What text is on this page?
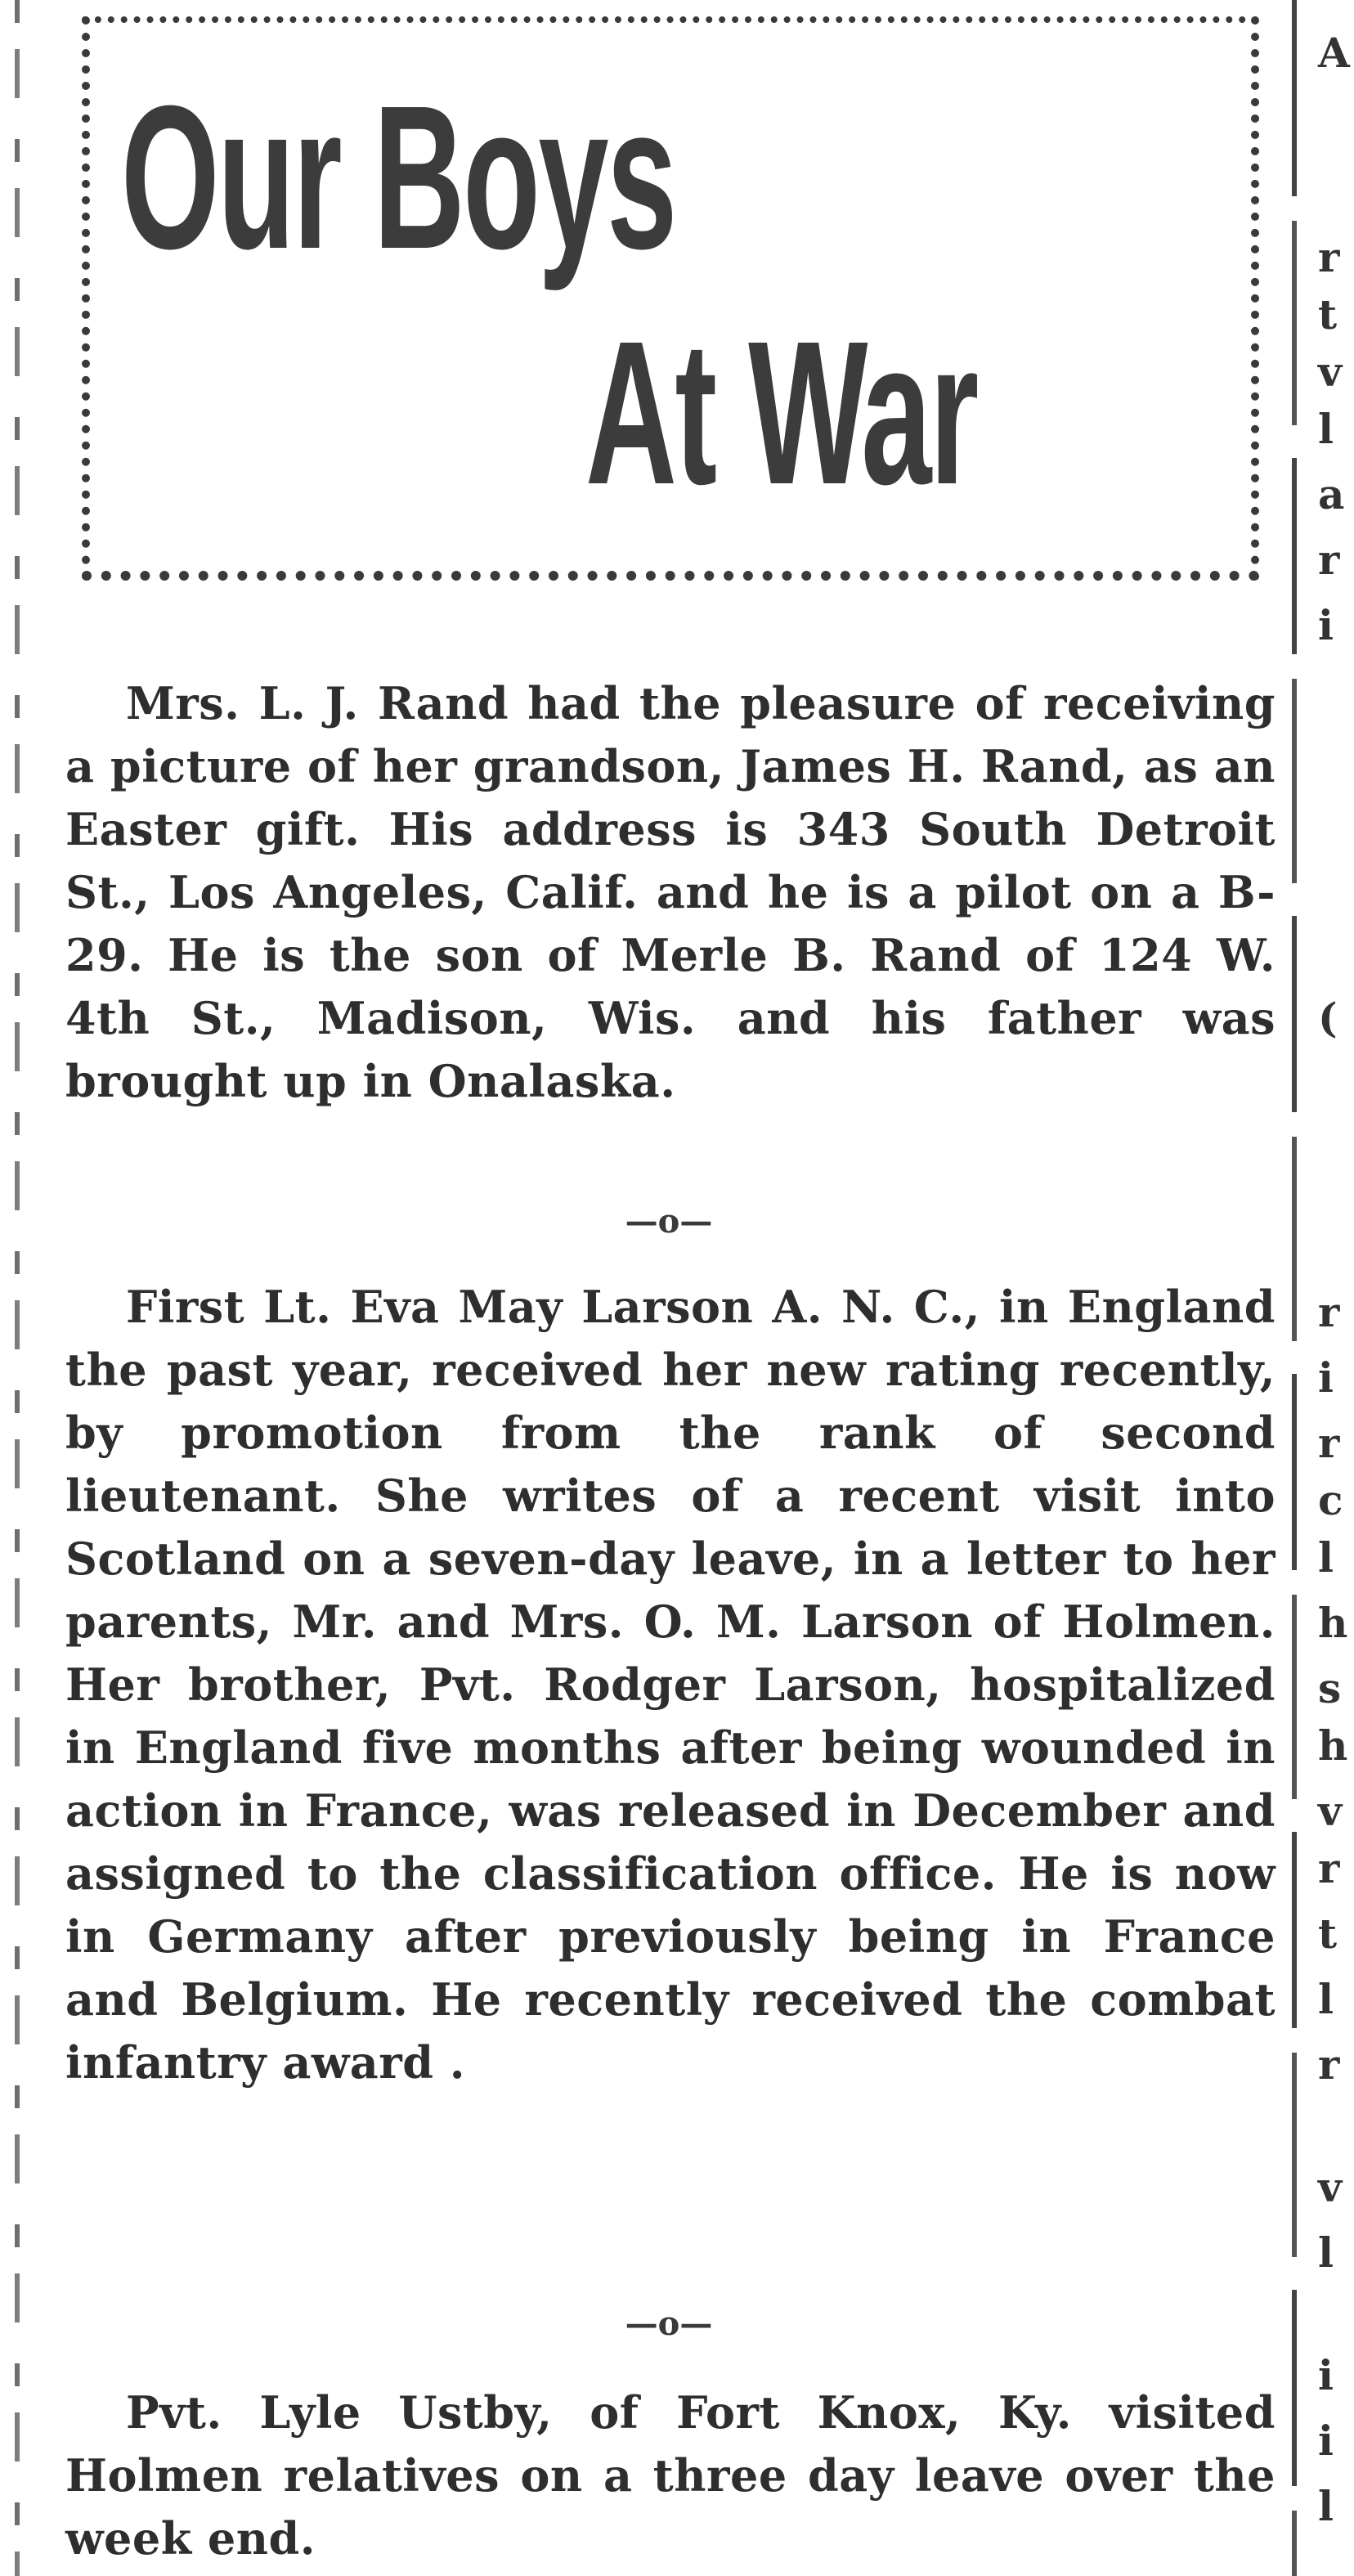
A
r
t
v
l
a
r
i
(
r
i
r
c
l
h
s
h
v
r
t
l
r
v
l
i
i
l
Our Boys
At War
Mrs. L. J. Rand had the pleasure of receiving a picture of her grandson, James H. Rand, as an Easter gift. His address is 343 South Detroit St., Los Angeles, Calif. and he is a pilot on a B-29. He is the son of Merle B. Rand of 124 W. 4th St., Madison, Wis. and his father was brought up in Onalaska.
—o—
First Lt. Eva May Larson A. N. C., in England the past year, received her new rating recently, by promotion from the rank of second lieutenant. She writes of a recent visit into Scotland on a seven-day leave, in a letter to her parents, Mr. and Mrs. O. M. Larson of Holmen. Her brother, Pvt. Rodger Larson, hospitalized in England five months after being wounded in action in France, was released in December and assigned to the classification office. He is now in Germany after previously being in France and Belgium. He recently received the combat infantry award .
—o—
Pvt. Lyle Ustby, of Fort Knox, Ky. visited Holmen relatives on a three day leave over the week end.
